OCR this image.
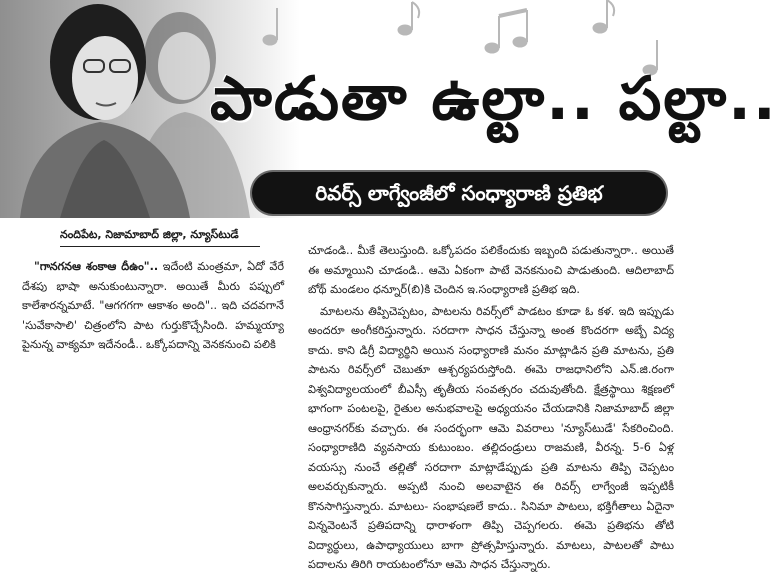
పాడుతా ఉల్టా.. పల్టా..
రివర్స్ లాగ్వేంజీలో సంధ్యారాణి ప్రతిభ
నందిపేట, నిజామాబాద్ జిల్లా, న్యూస్‌టుడే

"గానగనఆ శంకాఆ దీఉం".. ఇదేంటి మంత్రమా, ఏదో వేరే దేశపు భాషా అనుకుంటున్నారా. అయితే మీరు పప్పులో కాలేశారన్నమాటే. "ఆగగగగా ఆకాశం అంది".. ఇది చదవగానే 'సువేకాసాలి' చిత్రంలోని పాట గుర్తుకొచ్చేసింది. హమ్మయ్యా పైనున్న వాక్యమా ఇదేనండీ.. ఒక్కోపదాన్ని వెనకనుంచి పలికి

చూడండి.. మీకే తెలుస్తుంది. ఒక్కోపదం పలికేందుకు ఇబ్బంది పడుతున్నారా.. అయితే ఈ అమ్మాయిని చూడండి.. ఆమె ఏకంగా పాటే వెనకనుంచి పాడుతుంది. ఆదిలాబాద్ బోథ్ మండలం ధన్నూర్(బి)కి చెందిన ఇ.సంధ్యారాణి ప్రతిభ ఇది.

మాటలను తిప్పిచెప్పటం, పాటలను రివర్స్‌లో పాడటం కూడా ఓ కళ. ఇది ఇప్పుడు అందరూ అంగీకరిస్తున్నారు. సరదాగా సాధన చేస్తున్నా అంత కొందరగా అబ్బే విద్య కాదు. కాని డిగ్రీ విద్యార్థిని అయిన సంధ్యారాణి మనం మాట్లాడిన ప్రతి మాటను, ప్రతి పాటను రివర్స్‌లో చెబుతూ ఆశ్చర్యపరుస్తోంది. ఈమె రాజధానిలోని ఎన్.జి.రంగా విశ్వవిద్యాలయంలో బీఎస్సీ తృతీయ సంవత్సరం చదువుతోంది. క్షేత్రస్థాయి శిక్షణలో భాగంగా పంటలపై, రైతుల అనుభవాలపై అధ్యయనం చేయడానికి నిజామాబాద్ జిల్లా ఆంధ్రానగర్‌కు వచ్చారు. ఈ సందర్భంగా ఆమె వివరాలు 'న్యూస్‌టుడే' సేకరించింది. సంధ్యారాణిది వ్యవసాయ కుటుంబం. తల్లిదండ్రులు రాజమణి, వీరన్న. 5-6 ఏళ్ల వయస్సు నుంచే తల్లితో సరదాగా మాట్లాడేప్పుడు ప్రతి మాటను తిప్పి చెప్పటం అలవర్చుకున్నారు. అప్పటి నుంచి అలవాటైన ఈ రివర్స్ లాగ్వేంజీ ఇప్పటికీ కొనసాగిస్తున్నారు. మాటలు- సంభాషణలే కాదు.. సినిమా పాటలు, భక్తిగీతాలు ఏదైనా విన్నవెంటనే ప్రతిపదాన్ని ధారాళంగా తిప్పి చెప్పగలరు. ఈమె ప్రతిభను తోటి విద్యార్థులు, ఉపాధ్యాయులు బాగా ప్రోత్సహిస్తున్నారు. మాటలు, పాటలతో పాటు పదాలను తిరిగి రాయటంలోనూ ఆమె సాధన చేస్తున్నారు.
